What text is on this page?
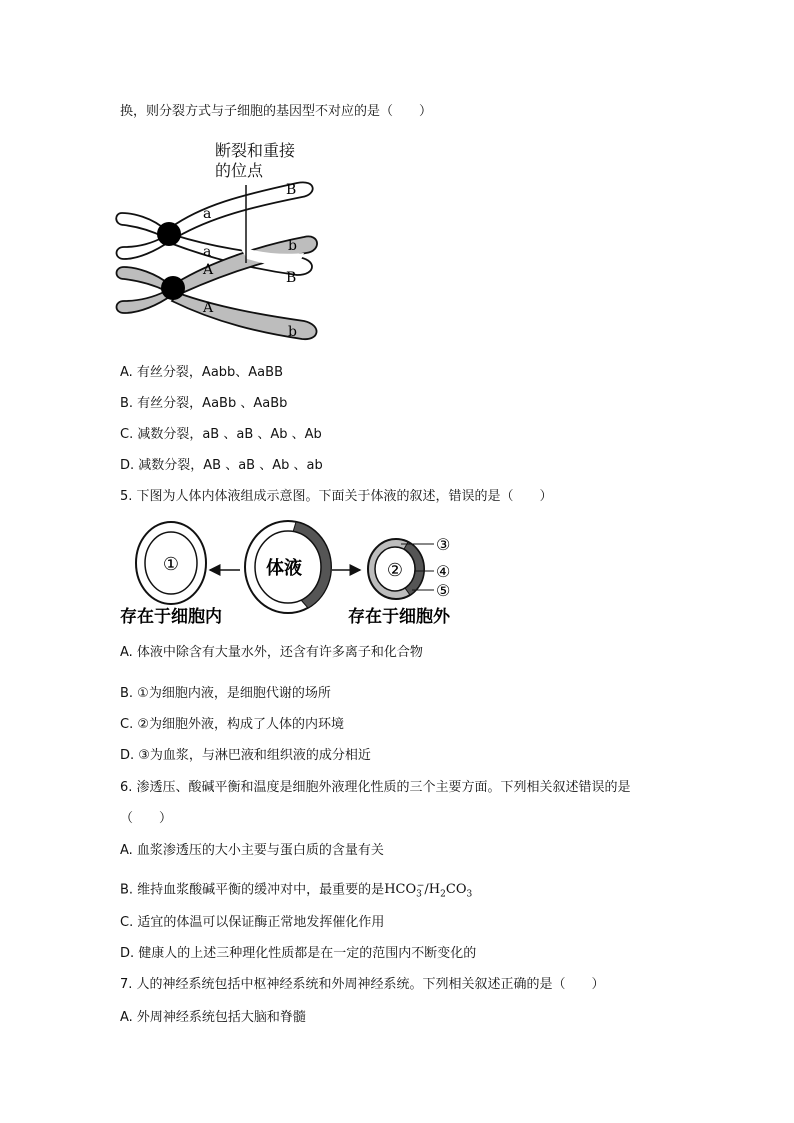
换，则分裂方式与子细胞的基因型不对应的是（　　）
断裂和重接
的位点
a
a
A
A
B
b
B
b
A. 有丝分裂，Aabb、AaBB
B. 有丝分裂，AaBb 、AaBb
C. 减数分裂，aB 、aB 、Ab 、Ab
D. 减数分裂，AB 、aB 、Ab 、ab
5. 下图为人体内体液组成示意图。下面关于体液的叙述，错误的是（　　）
①	体液	②
③
④
⑤
存在于细胞内	存在于细胞外
A. 体液中除含有大量水外，还含有许多离子和化合物
B. ①为细胞内液，是细胞代谢的场所
C. ②为细胞外液，构成了人体的内环境
D. ③为血浆，与淋巴液和组织液的成分相近
6. 渗透压、酸碱平衡和温度是细胞外液理化性质的三个主要方面。下列相关叙述错误的是
（　　）
A. 血浆渗透压的大小主要与蛋白质的含量有关
B. 维持血浆酸碱平衡的缓冲对中，最重要的是$HCO_3^-/H_2CO_3$
C. 适宜的体温可以保证酶正常地发挥催化作用
D. 健康人的上述三种理化性质都是在一定的范围内不断变化的
7. 人的神经系统包括中枢神经系统和外周神经系统。下列相关叙述正确的是（　　）
A. 外周神经系统包括大脑和脊髓
